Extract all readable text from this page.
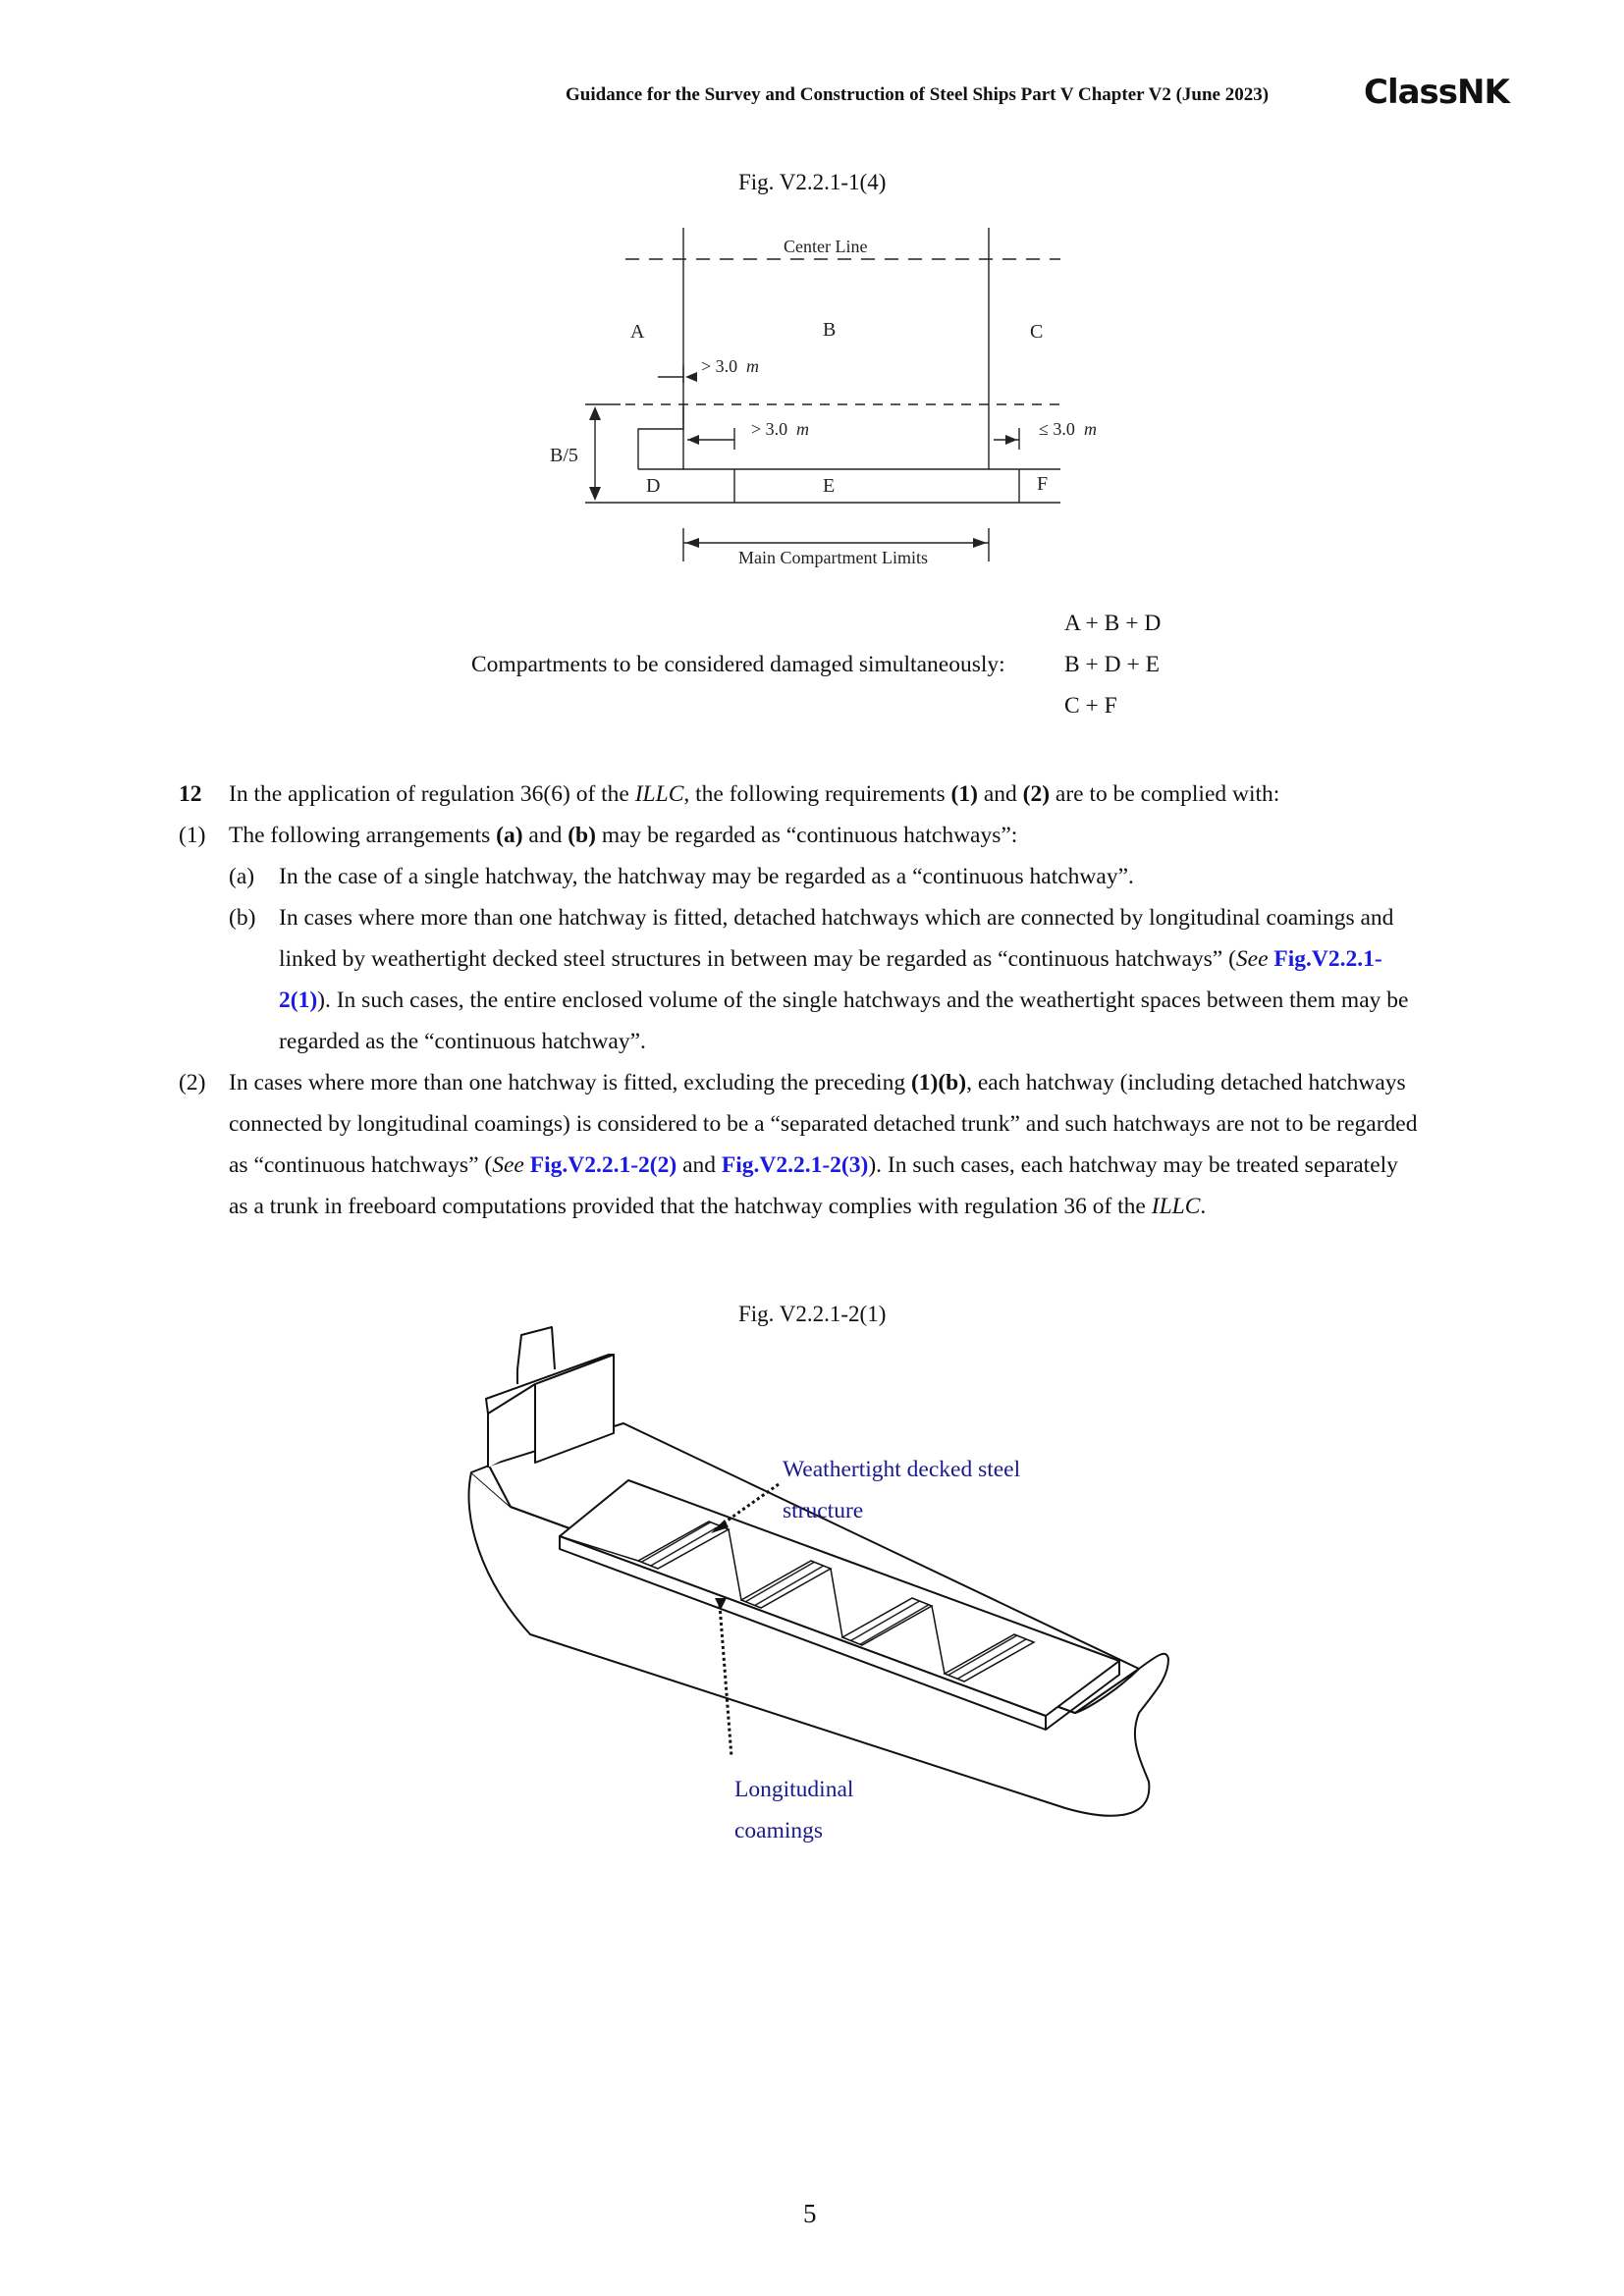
Guidance for the Survey and Construction of Steel Ships Part V Chapter V2 (June 2023)	ClassNK
Fig. V2.2.1-1(4)
Center Line
A	B	C
D	E	F
B/5
> 3.0 m
> 3.0 m	≤ 3.0 m
Main Compartment Limits
Compartments to be considered damaged simultaneously:
A + B + D
B + D + E
C + F
12 In the application of regulation 36(6) of the ILLC, the following requirements (1) and (2) are to be complied with:
(1) The following arrangements (a) and (b) may be regarded as “continuous hatchways”:
(a) In the case of a single hatchway, the hatchway may be regarded as a “continuous hatchway”.
(b) In cases where more than one hatchway is fitted, detached hatchways which are connected by longitudinal coamings and
linked by weathertight decked steel structures in between may be regarded as “continuous hatchways” (See Fig.V2.2.1-
2(1)). In such cases, the entire enclosed volume of the single hatchways and the weathertight spaces between them may be
regarded as the “continuous hatchway”.
(2) In cases where more than one hatchway is fitted, excluding the preceding (1)(b), each hatchway (including detached hatchways
connected by longitudinal coamings) is considered to be a “separated detached trunk” and such hatchways are not to be regarded
as “continuous hatchways” (See Fig.V2.2.1-2(2) and Fig.V2.2.1-2(3)). In such cases, each hatchway may be treated separately
as a trunk in freeboard computations provided that the hatchway complies with regulation 36 of the ILLC.
Fig. V2.2.1-2(1)
Weathertight decked steel
structure
Longitudinal
coamings
5
